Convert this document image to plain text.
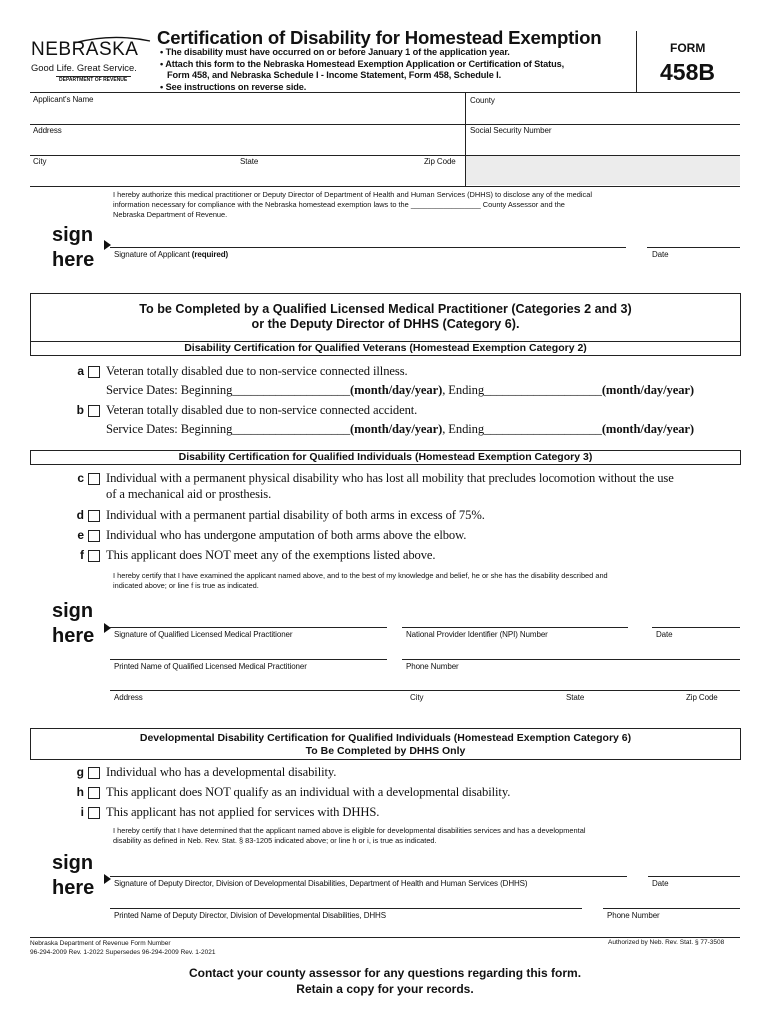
NEBRASKA
Good Life. Great Service.
DEPARTMENT OF REVENUE
Certification of Disability for Homestead Exemption
• The disability must have occurred on or before January 1 of the application year.
• Attach this form to the Nebraska Homestead Exemption Application or Certification of Status,
Form 458, and Nebraska Schedule I - Income Statement, Form 458, Schedule I.
• See instructions on reverse side.
FORM
458B
Applicant's Name	County
Address	Social Security Number
City	State	Zip Code
I hereby authorize this medical practitioner or Deputy Director of Department of Health and Human Services (DHHS) to disclose any of the medical
information necessary for compliance with the Nebraska homestead exemption laws to the _________________ County Assessor and the
Nebraska Department of Revenue.
sign
here Signature of Applicant (required)	Date
To be Completed by a Qualified Licensed Medical Practitioner (Categories 2 and 3)
or the Deputy Director of DHHS (Category 6).
Disability Certification for Qualified Veterans (Homestead Exemption Category 2)
a Veteran totally disabled due to non-service connected illness.
Service Dates: Beginning___________________(month/day/year), Ending___________________(month/day/year)
b Veteran totally disabled due to non-service connected accident.
Service Dates: Beginning___________________(month/day/year), Ending___________________(month/day/year)
Disability Certification for Qualified Individuals (Homestead Exemption Category 3)
c Individual with a permanent physical disability who has lost all mobility that precludes locomotion without the use
of a mechanical aid or prosthesis.
d Individual with a permanent partial disability of both arms in excess of 75%.
e Individual who has undergone amputation of both arms above the elbow.
f This applicant does NOT meet any of the exemptions listed above.
I hereby certify that I have examined the applicant named above, and to the best of my knowledge and belief, he or she has the disability described and
indicated above; or line f is true as indicated.
sign
here Signature of Qualified Licensed Medical Practitioner	National Provider Identifier (NPI) Number	Date
Printed Name of Qualified Licensed Medical Practitioner	Phone Number
Address	City	State	Zip Code
Developmental Disability Certification for Qualified Individuals (Homestead Exemption Category 6)
To Be Completed by DHHS Only
g Individual who has a developmental disability.
h This applicant does NOT qualify as an individual with a developmental disability.
i This applicant has not applied for services with DHHS.
I hereby certify that I have determined that the applicant named above is eligible for developmental disabilities services and has a developmental
disability as defined in Neb. Rev. Stat. § 83-1205 indicated above; or line h or i, is true as indicated.
sign
here Signature of Deputy Director, Division of Developmental Disabilities, Department of Health and Human Services (DHHS)	Date
Printed Name of Deputy Director, Division of Developmental Disabilities, DHHS	Phone Number
Nebraska Department of Revenue Form Number
96-294-2009 Rev. 1-2022 Supersedes 96-294-2009 Rev. 1-2021
Authorized by Neb. Rev. Stat. § 77-3508
Contact your county assessor for any questions regarding this form.
Retain a copy for your records.
